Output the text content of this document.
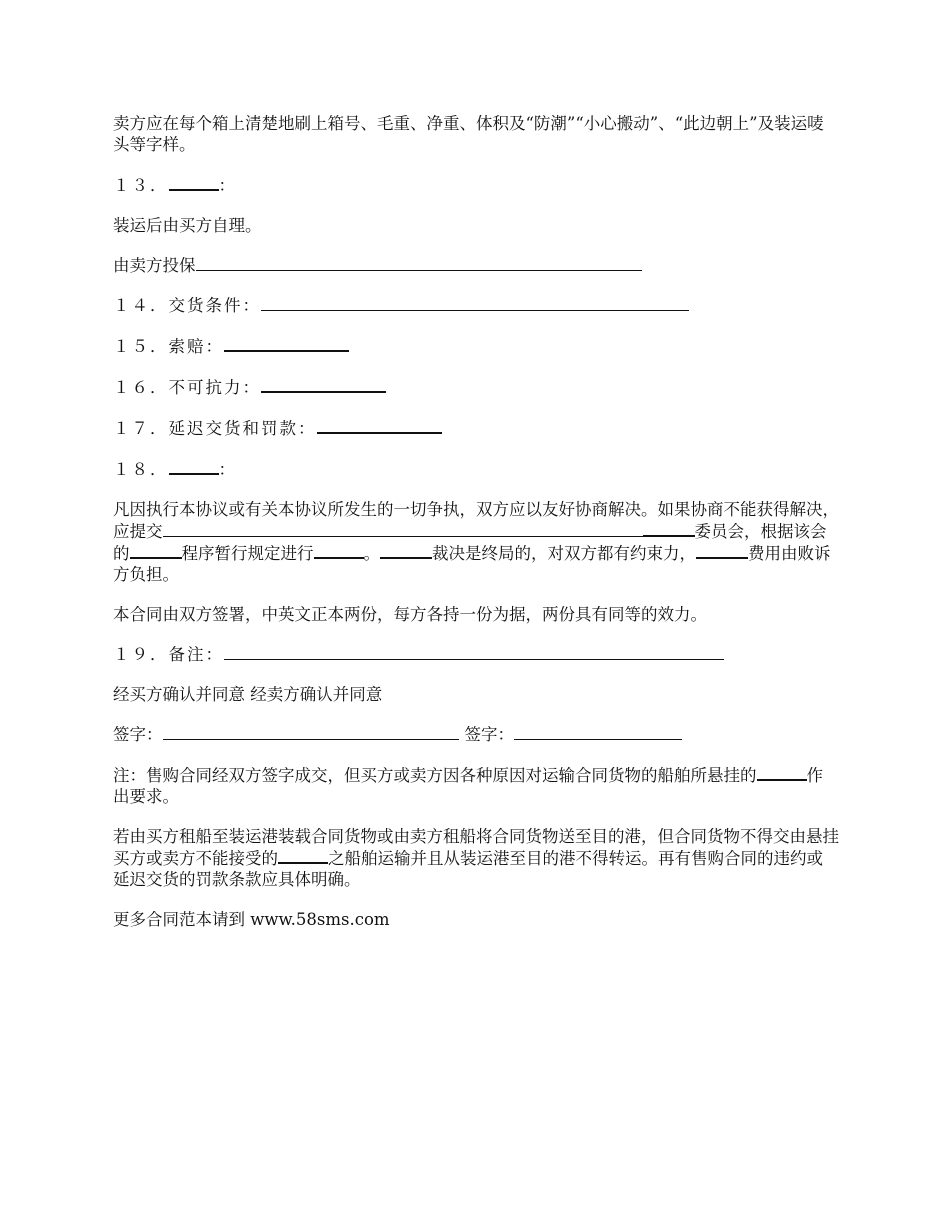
卖方应在每个箱上清楚地刷上箱号、毛重、净重、体积及“防潮”“小心搬动”、“此边朝上”及装运唛头等字样。

１３．	：

装运后由买方自理。

由卖方投保

１４．交货条件：

１５．索赔：

１６．不可抗力：

１７．延迟交货和罚款：

１８．	：

凡因执行本协议或有关本协议所发生的一切争执，双方应以友好协商解决。如果协商不能获得解决，应提交	委员会，根据该会的	程序暂行规定进行	。	裁决是终局的，对双方都有约束力，	费用由败诉方负担。

本合同由双方签署，中英文正本两份，每方各持一份为据，两份具有同等的效力。

１９．备注：

经买方确认并同意 经卖方确认并同意

签字：	签字：

注：售购合同经双方签字成交，但买方或卖方因各种原因对运输合同货物的船舶所悬挂的	作出要求。

若由买方租船至装运港装载合同货物或由卖方租船将合同货物送至目的港，但合同货物不得交由悬挂买方或卖方不能接受的	之船舶运输并且从装运港至目的港不得转运。再有售购合同的违约或延迟交货的罚款条款应具体明确。

更多合同范本请到 www.58sms.com
